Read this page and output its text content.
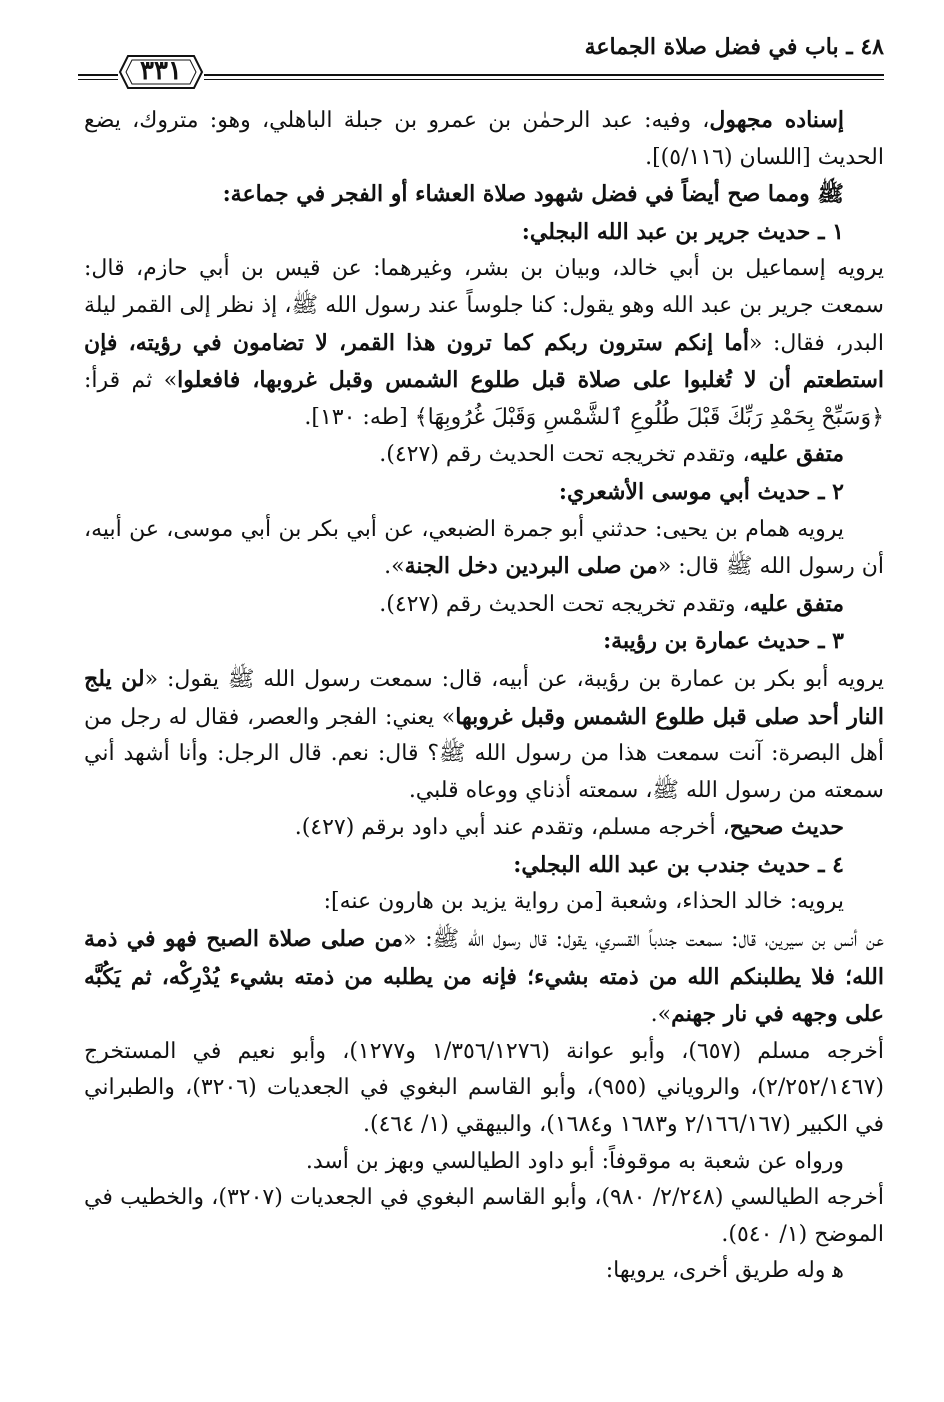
٤٨ ـ باب في فضل صلاة الجماعة
٣٣١

إسناده مجهول، وفيه: عبد الرحمٰن بن عمرو بن جبلة الباهلي، وهو: متروك، يضع الحديث [اللسان (٥/١١٦)].

ﷺ ومما صح أيضاً في فضل شهود صلاة العشاء أو الفجر في جماعة:

١ ـ حديث جرير بن عبد الله البجلي:

يرويه إسماعيل بن أبي خالد، وبيان بن بشر، وغيرهما: عن قيس بن أبي حازم، قال: سمعت جرير بن عبد الله وهو يقول: كنا جلوساً عند رسول الله ﷺ، إذ نظر إلى القمر ليلة البدر، فقال: «أما إنكم سترون ربكم كما ترون هذا القمر، لا تضامون في رؤيته، فإن استطعتم أن لا تُغلبوا على صلاة قبل طلوع الشمس وقبل غروبها، فافعلوا» ثم قرأ: ﴿وَسَبِّحْ بِحَمْدِ رَبِّكَ قَبْلَ طُلُوعِ ٱلشَّمْسِ وَقَبْلَ غُرُوبِهَا﴾ [طه: ١٣٠].

متفق عليه، وتقدم تخريجه تحت الحديث رقم (٤٢٧).

٢ ـ حديث أبي موسى الأشعري:

يرويه همام بن يحيى: حدثني أبو جمرة الضبعي، عن أبي بكر بن أبي موسى، عن أبيه، أن رسول الله ﷺ قال: «من صلى البردين دخل الجنة».

متفق عليه، وتقدم تخريجه تحت الحديث رقم (٤٢٧).

٣ ـ حديث عمارة بن رؤيبة:

يرويه أبو بكر بن عمارة بن رؤيبة، عن أبيه، قال: سمعت رسول الله ﷺ يقول: «لن يلج النار أحد صلى قبل طلوع الشمس وقبل غروبها» يعني: الفجر والعصر، فقال له رجل من أهل البصرة: آنت سمعت هذا من رسول الله ﷺ؟ قال: نعم. قال الرجل: وأنا أشهد أني سمعته من رسول الله ﷺ، سمعته أذناي ووعاه قلبي.

حديث صحيح، أخرجه مسلم، وتقدم عند أبي داود برقم (٤٢٧).

٤ ـ حديث جندب بن عبد الله البجلي:

يرويه: خالد الحذاء، وشعبة [من رواية يزيد بن هارون عنه]:

عن أنس بن سيرين، قال: سمعت جندباً القسري، يقول: قال رسول الله ﷺ: «من صلى صلاة الصبح فهو في ذمة الله؛ فلا يطلبنكم الله من ذمته بشيء؛ فإنه من يطلبه من ذمته بشيء يُدْرِكْه، ثم يَكُبَّه على وجهه في نار جهنم».

أخرجه مسلم (٦٥٧)، وأبو عوانة (١/٣٥٦/١٢٧٦ و١٢٧٧)، وأبو نعيم في المستخرج (٢/٢٥٢/١٤٦٧)، والروياني (٩٥٥)، وأبو القاسم البغوي في الجعديات (٣٢٠٦)، والطبراني في الكبير (٢/١٦٦/١٦٧ و١٦٨٣ و١٦٨٤)، والبيهقي (١/ ٤٦٤).

ورواه عن شعبة به موقوفاً: أبو داود الطيالسي وبهز بن أسد.

أخرجه الطيالسي (٢/٢٤٨/ ٩٨٠)، وأبو القاسم البغوي في الجعديات (٣٢٠٧)، والخطيب في الموضح (١/ ٥٤٠).

ﻫ وله طريق أخرى، يرويها:
